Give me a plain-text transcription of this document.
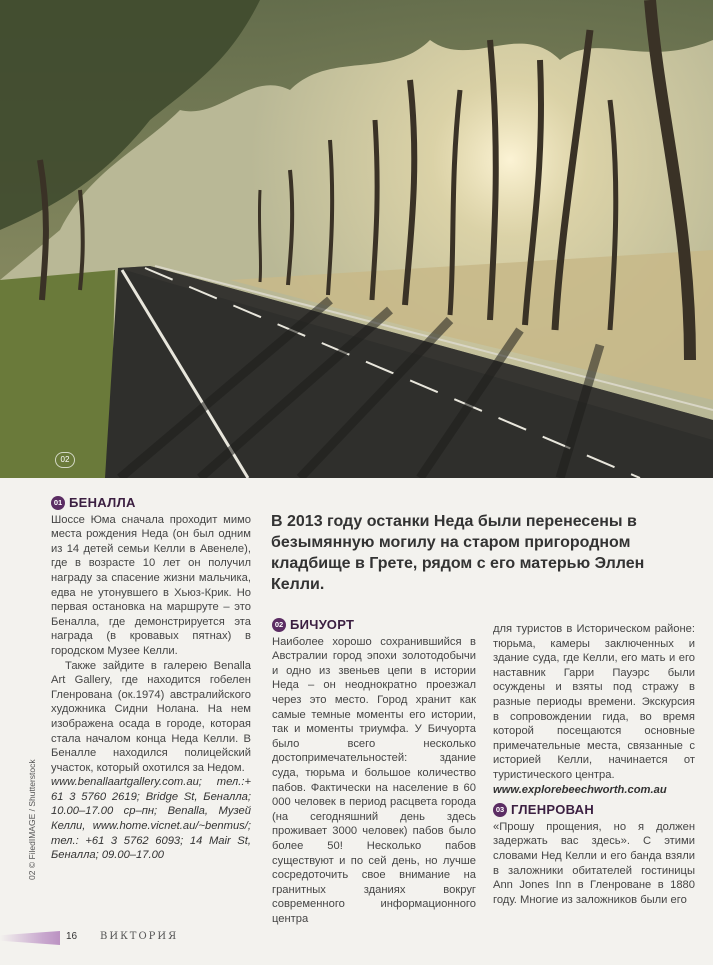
02
02 © FiledIMAGE / Shutterstock
01 БЕНАЛЛА

Шоссе Юма сначала проходит мимо места рождения Неда (он был одним из 14 детей семьи Келли в Авенеле), где в возрасте 10 лет он получил награду за спасение жизни мальчика, едва не утонувшего в Хьюз-Крик. Но первая остановка на маршруте – это Беналла, где демонстрируется эта награда (в кровавых пятнах) в городском Музее Келли.

Также зайдите в галерею Benalla Art Gallery, где находится гобелен Гленрована (ок.1974) австралийского художника Сидни Нолана. На нем изображена осада в городе, которая стала началом конца Неда Келли. В Беналле находился полицейский участок, который охотился за Недом.

www.benallaartgallery.com.au; тел.:+ 61 3 5760 2619; Bridge St, Беналла; 10.00–17.00 ср–пн; Benalla, Музей Келли, www.home.vicnet.au/~benmus/; тел.: +61 3 5762 6093; 14 Mair St, Беналла; 09.00–17.00

В 2013 году останки Неда были перенесены в безымянную могилу на старом пригородном кладбище в Грете, рядом с его матерью Эллен Келли.
02 БИЧУОРТ

Наиболее хорошо сохранившийся в Австралии город эпохи золотодобычи и одно из звеньев цепи в истории Неда – он неоднократно проезжал через это место. Город хранит как самые темные моменты его истории, так и моменты триумфа. У Бичуорта было всего несколько достопримечательностей: здание суда, тюрьма и большое количество пабов. Фактически на население в 60 000 человек в период расцвета города (на сегодняшний день здесь проживает 3000 человек) пабов было более 50! Несколько пабов существуют и по сей день, но лучше сосредоточить свое внимание на гранитных зданиях вокруг современного информационного центра

для туристов в Историческом районе: тюрьма, камеры заключенных и здание суда, где Келли, его мать и его наставник Гарри Пауэрс были осуждены и взяты под стражу в разные периоды времени. Экскурсия в сопровождении гида, во время которой посещаются основные примечательные места, связанные с историей Келли, начинается от туристического центра.

www.explorebeechworth.com.au

03 ГЛЕНРОВАН

«Прошу прощения, но я должен задержать вас здесь». С этими словами Нед Келли и его банда взяли в заложники обитателей гостиницы Ann Jones Inn в Гленроване в 1880 году. Многие из заложников были его

16 ВИКТОРИЯ
